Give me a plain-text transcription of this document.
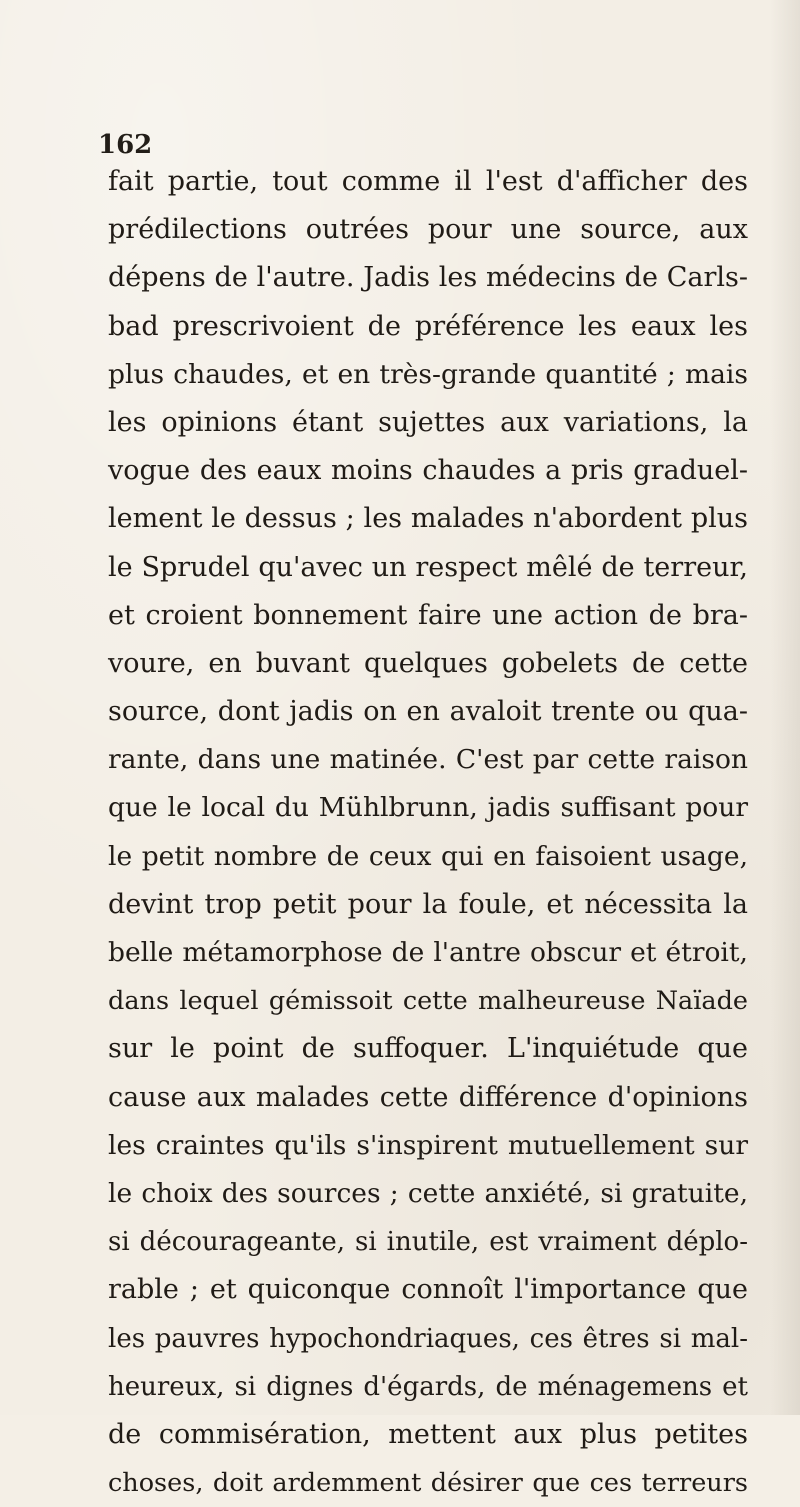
162
fait partie, tout comme il l'est d'afficher des
prédilections outrées pour une source, aux
dépens de l'autre. Jadis les médecins de Carls-
bad prescrivoient de préférence les eaux les
plus chaudes, et en très-grande quantité ; mais
les opinions étant sujettes aux variations, la
vogue des eaux moins chaudes a pris graduel-
lement le dessus ; les malades n'abordent plus
le Sprudel qu'avec un respect mêlé de terreur,
et croient bonnement faire une action de bra-
voure, en buvant quelques gobelets de cette
source, dont jadis on en avaloit trente ou qua-
rante, dans une matinée. C'est par cette raison
que le local du Mühlbrunn, jadis suffisant pour
le petit nombre de ceux qui en faisoient usage,
devint trop petit pour la foule, et nécessita la
belle métamorphose de l'antre obscur et étroit,
dans lequel gémissoit cette malheureuse Naïade
sur le point de suffoquer. L'inquiétude que
cause aux malades cette différence d'opinions
les craintes qu'ils s'inspirent mutuellement sur
le choix des sources ; cette anxiété, si gratuite,
si décourageante, si inutile, est vraiment déplo-
rable ; et quiconque connoît l'importance que
les pauvres hypochondriaques, ces êtres si mal-
heureux, si dignes d'égards, de ménagemens et
de commisération, mettent aux plus petites
choses, doit ardemment désirer que ces terreurs
